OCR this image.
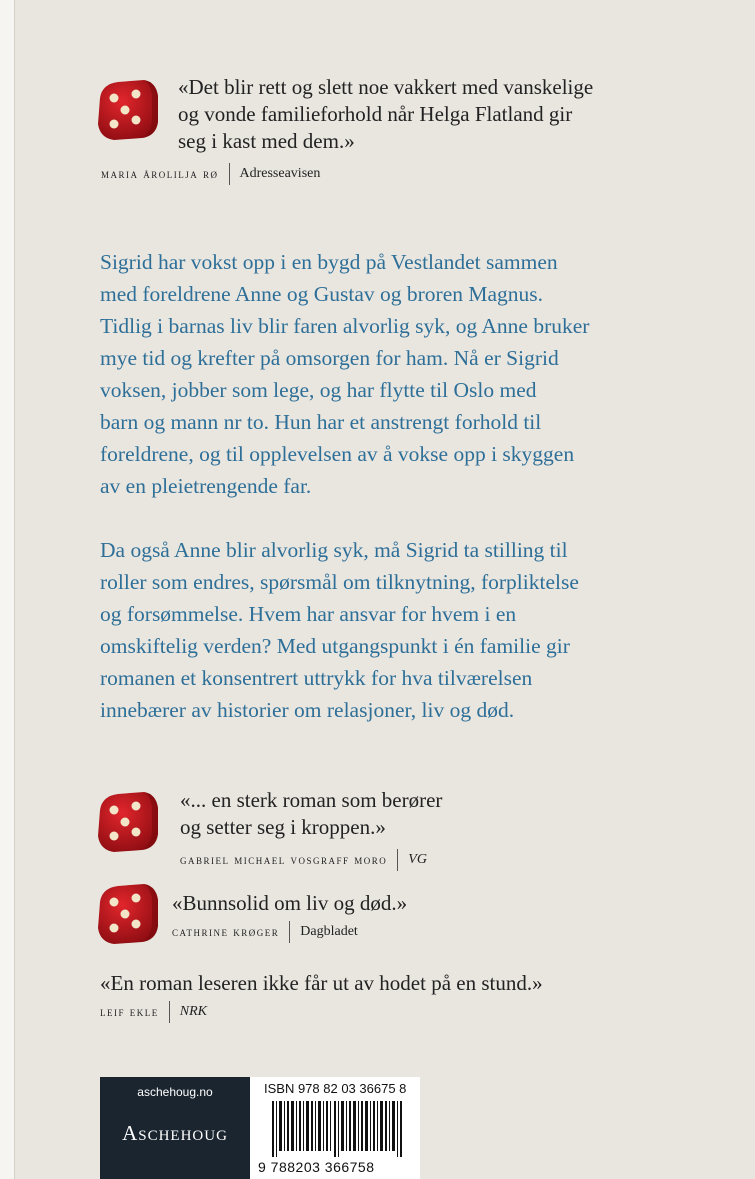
«Det blir rett og slett noe vakkert med vanskelige
og vonde familieforhold når Helga Flatland gir
seg i kast med dem.»
maria årolilja rø Adresseavisen
Sigrid har vokst opp i en bygd på Vestlandet sammen
med foreldrene Anne og Gustav og broren Magnus.
Tidlig i barnas liv blir faren alvorlig syk, og Anne bruker
mye tid og krefter på omsorgen for ham. Nå er Sigrid
voksen, jobber som lege, og har flytte til Oslo med
barn og mann nr to. Hun har et anstrengt forhold til
foreldrene, og til opplevelsen av å vokse opp i skyggen
av en pleietrengende far.
Da også Anne blir alvorlig syk, må Sigrid ta stilling til
roller som endres, spørsmål om tilknytning, forpliktelse
og forsømmelse. Hvem har ansvar for hvem i en
omskiftelig verden? Med utgangspunkt i én familie gir
romanen et konsentrert uttrykk for hva tilværelsen
innebærer av historier om relasjoner, liv og død.
«... en sterk roman som berører
og setter seg i kroppen.»
gabriel michael vosgraff moro VG
«Bunnsolid om liv og død.»
cathrine krøger Dagbladet
«En roman leseren ikke får ut av hodet på en stund.»
leif ekle NRK
aschehoug.no
Aschehoug
ISBN 978 82 03 36675 8
9 788203 366758
